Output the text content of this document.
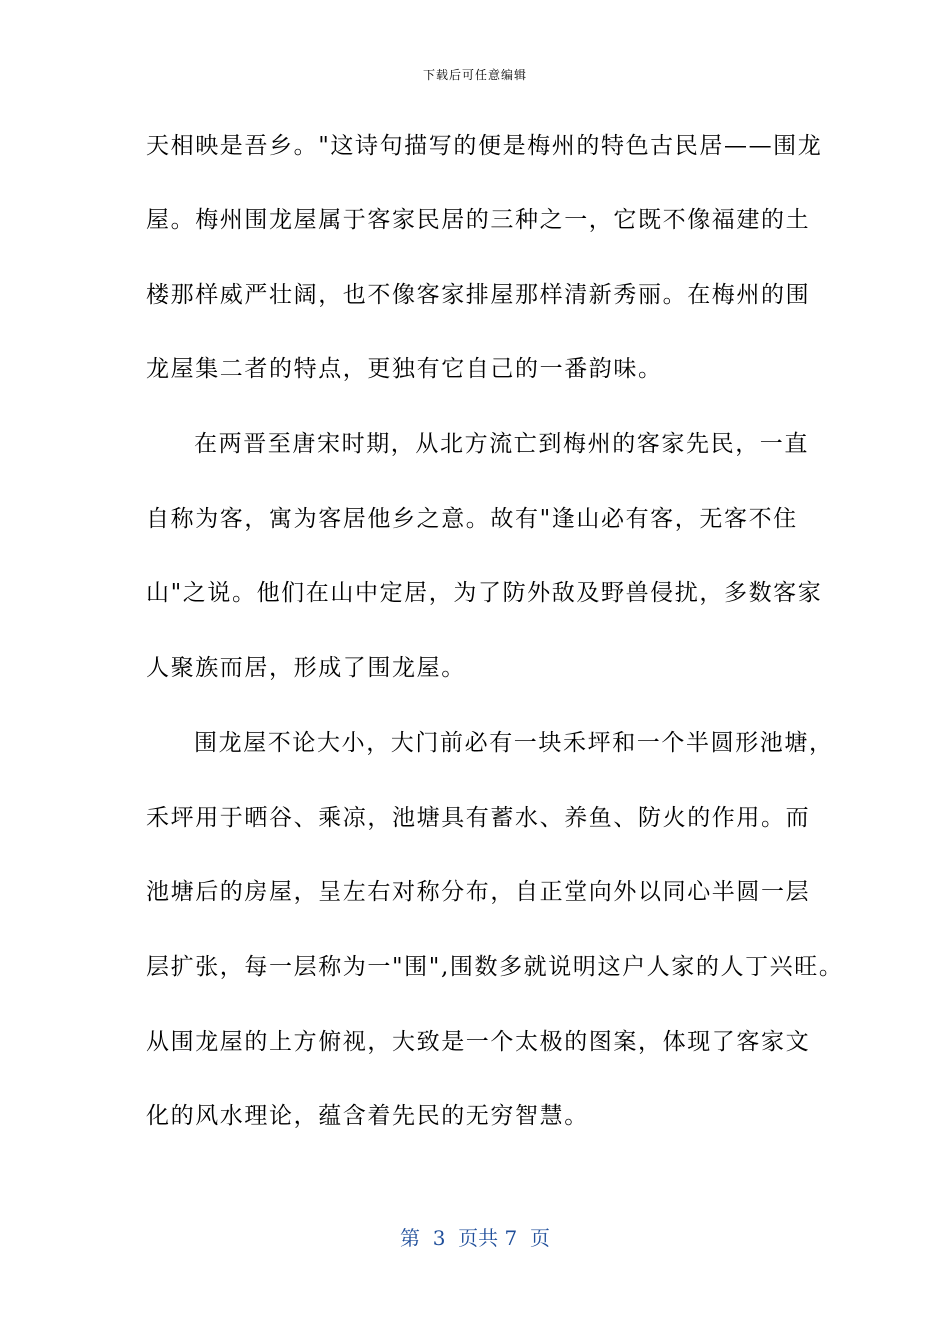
下载后可任意编辑
天相映是吾乡。"这诗句描写的便是梅州的特色古民居——围龙
屋。梅州围龙屋属于客家民居的三种之一，它既不像福建的土
楼那样威严壮阔，也不像客家排屋那样清新秀丽。在梅州的围
龙屋集二者的特点，更独有它自己的一番韵味。
在两晋至唐宋时期，从北方流亡到梅州的客家先民，一直
自称为客，寓为客居他乡之意。故有"逢山必有客，无客不住
山"之说。他们在山中定居，为了防外敌及野兽侵扰，多数客家
人聚族而居，形成了围龙屋。
围龙屋不论大小，大门前必有一块禾坪和一个半圆形池塘，
禾坪用于晒谷、乘凉，池塘具有蓄水、养鱼、防火的作用。而
池塘后的房屋，呈左右对称分布，自正堂向外以同心半圆一层
层扩张，每一层称为一"围",围数多就说明这户人家的人丁兴旺。
从围龙屋的上方俯视，大致是一个太极的图案，体现了客家文
化的风水理论，蕴含着先民的无穷智慧。
第  3  页共 7  页
